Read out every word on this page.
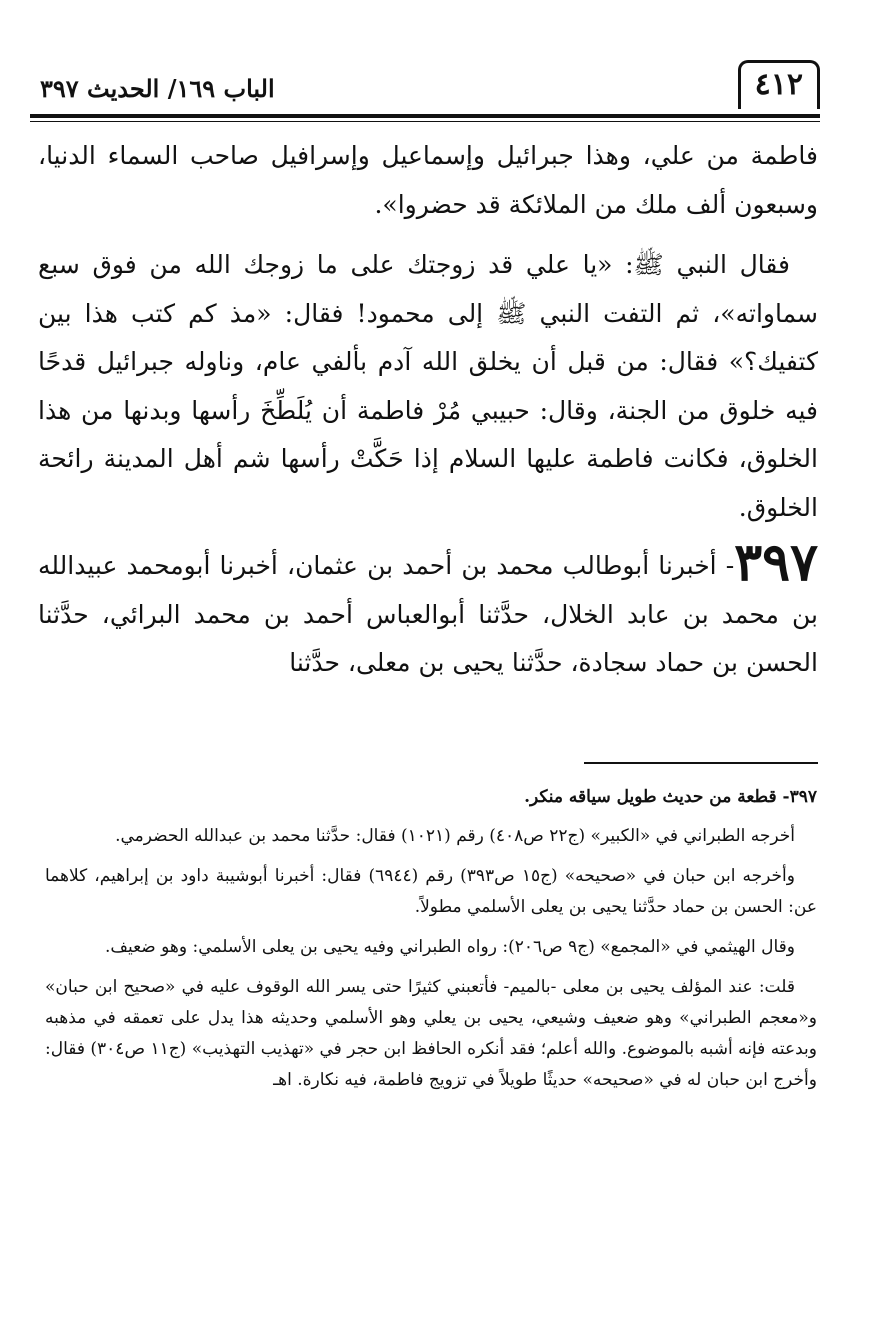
٤١٢
الباب ١٦٩/ الحديث ٣٩٧

فاطمة من علي، وهذا جبرائيل وإسماعيل وإسرافيل صاحب السماء الدنيا، وسبعون ألف ملك من الملائكة قد حضروا».

فقال النبي ﷺ: «يا علي قد زوجتك على ما زوجك الله من فوق سبع سماواته»، ثم التفت النبي ﷺ إلى محمود! فقال: «مذ كم كتب هذا بين كتفيك؟» فقال: من قبل أن يخلق الله آدم بألفي عام، وناوله جبرائيل قدحًا فيه خلوق من الجنة، وقال: حبيبي مُرْ فاطمة أن يُلَطِّخَ رأسها وبدنها من هذا الخلوق، فكانت فاطمة عليها السلام إذا حَكَّتْ رأسها شم أهل المدينة رائحة الخلوق.

٣٩٧- أخبرنا أبوطالب محمد بن أحمد بن عثمان، أخبرنا أبومحمد عبيدالله بن محمد بن عابد الخلال، حدَّثنا أبوالعباس أحمد بن محمد البرائي، حدَّثنا الحسن بن حماد سجادة، حدَّثنا يحيى بن معلى، حدَّثنا

٣٩٧- قطعة من حديث طويل سياقه منكر.

أخرجه الطبراني في «الكبير» (ج٢٢ ص٤٠٨) رقم (١٠٢١) فقال: حدَّثنا محمد بن عبدالله الحضرمي.

وأخرجه ابن حبان في «صحيحه» (ج١٥ ص٣٩٣) رقم (٦٩٤٤) فقال: أخبرنا أبوشيبة داود بن إبراهيم، كلاهما عن: الحسن بن حماد حدَّثنا يحيى بن يعلى الأسلمي مطولاً.

وقال الهيثمي في «المجمع» (ج٩ ص٢٠٦): رواه الطبراني وفيه يحيى بن يعلى الأسلمي: وهو ضعيف.

قلت: عند المؤلف يحيى بن معلى -بالميم- فأتعبني كثيرًا حتى يسر الله الوقوف عليه في «صحيح ابن حبان» و«معجم الطبراني» وهو ضعيف وشيعي، يحيى بن يعلي وهو الأسلمي وحديثه هذا يدل على تعمقه في مذهبه وبدعته فإنه أشبه بالموضوع. والله أعلم؛ فقد أنكره الحافظ ابن حجر في «تهذيب التهذيب» (ج١١ ص٣٠٤) فقال: وأخرج ابن حبان له في «صحيحه» حديثًا طويلاً في تزويج فاطمة، فيه نكارة. اهـ
